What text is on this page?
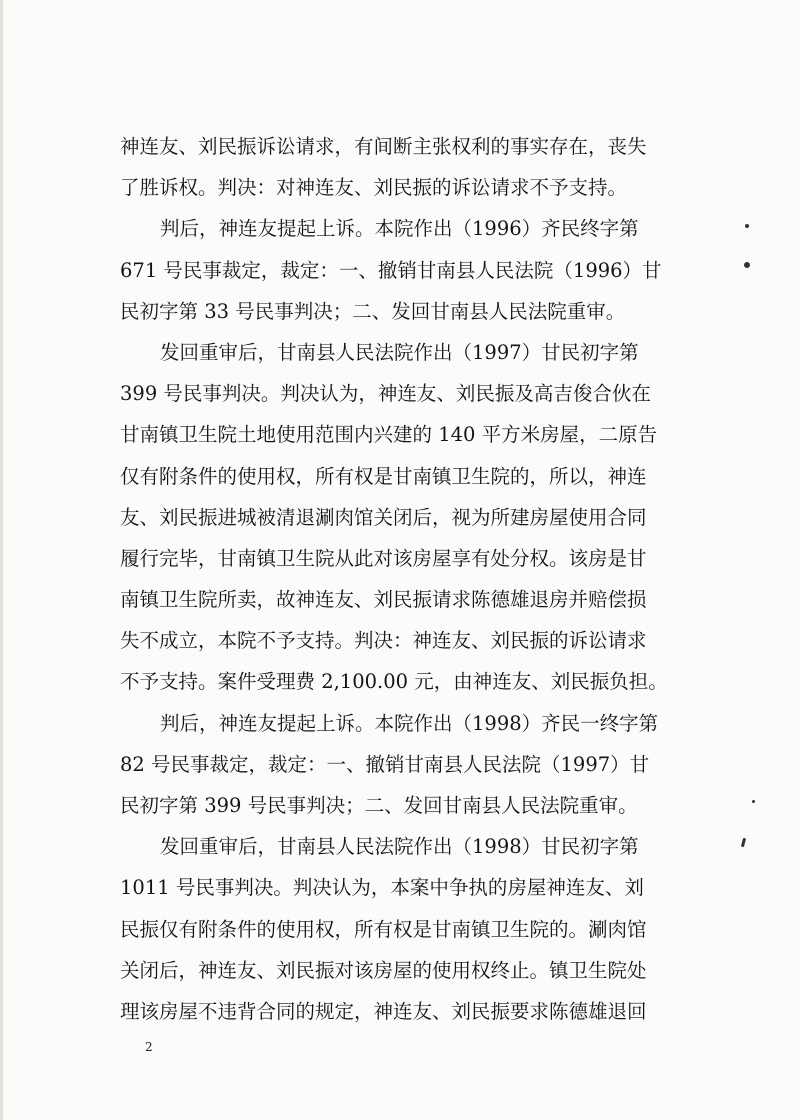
神连友、刘民振诉讼请求，有间断主张权利的事实存在，丧失
了胜诉权。判决：对神连友、刘民振的诉讼请求不予支持。
判后，神连友提起上诉。本院作出（1996）齐民终字第
671 号民事裁定，裁定：一、撤销甘南县人民法院（1996）甘
民初字第 33 号民事判决；二、发回甘南县人民法院重审。
发回重审后，甘南县人民法院作出（1997）甘民初字第
399 号民事判决。判决认为，神连友、刘民振及高吉俊合伙在
甘南镇卫生院土地使用范围内兴建的 140 平方米房屋，二原告
仅有附条件的使用权，所有权是甘南镇卫生院的，所以，神连
友、刘民振进城被清退涮肉馆关闭后，视为所建房屋使用合同
履行完毕，甘南镇卫生院从此对该房屋享有处分权。该房是甘
南镇卫生院所卖，故神连友、刘民振请求陈德雄退房并赔偿损
失不成立，本院不予支持。判决：神连友、刘民振的诉讼请求
不予支持。案件受理费 2,100.00 元，由神连友、刘民振负担。
判后，神连友提起上诉。本院作出（1998）齐民一终字第
82 号民事裁定，裁定：一、撤销甘南县人民法院（1997）甘
民初字第 399 号民事判决；二、发回甘南县人民法院重审。
发回重审后，甘南县人民法院作出（1998）甘民初字第
1011 号民事判决。判决认为，本案中争执的房屋神连友、刘
民振仅有附条件的使用权，所有权是甘南镇卫生院的。涮肉馆
关闭后，神连友、刘民振对该房屋的使用权终止。镇卫生院处
理该房屋不违背合同的规定，神连友、刘民振要求陈德雄退回
2
